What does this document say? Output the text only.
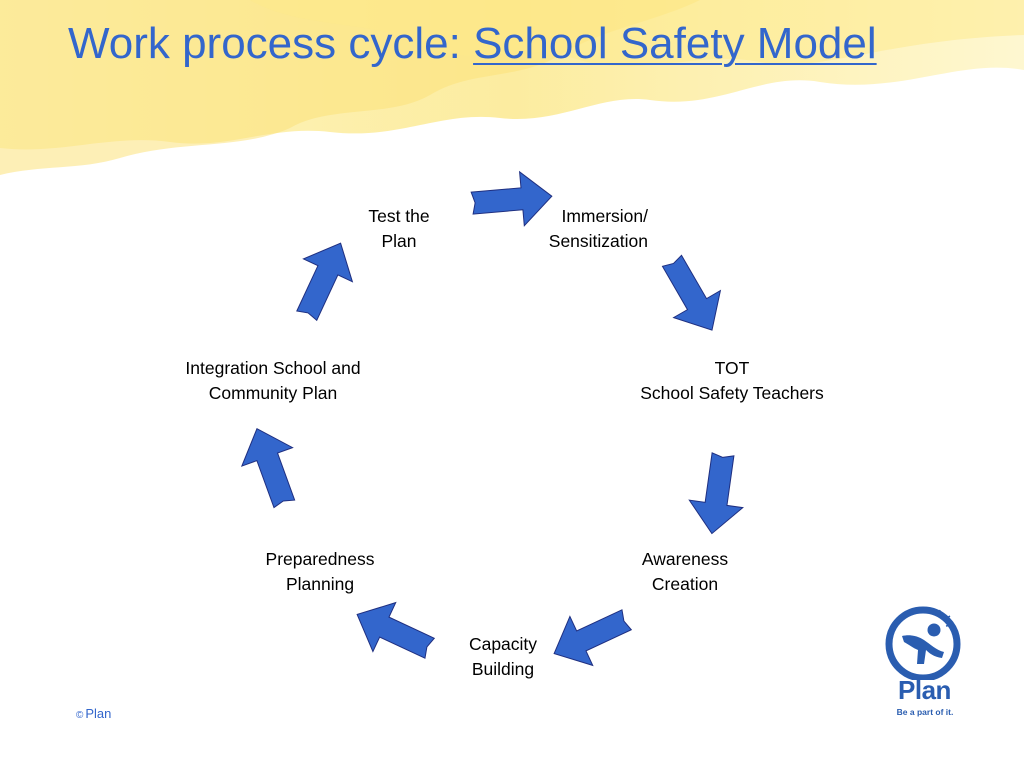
Work process cycle: School Safety Model
Immersion/
Sensitization
TOT
School Safety Teachers
Awareness
Creation
Capacity
Building
Preparedness
Planning
Integration School and
Community Plan
Test the
Plan
© Plan
Plan
Be a part of it.
